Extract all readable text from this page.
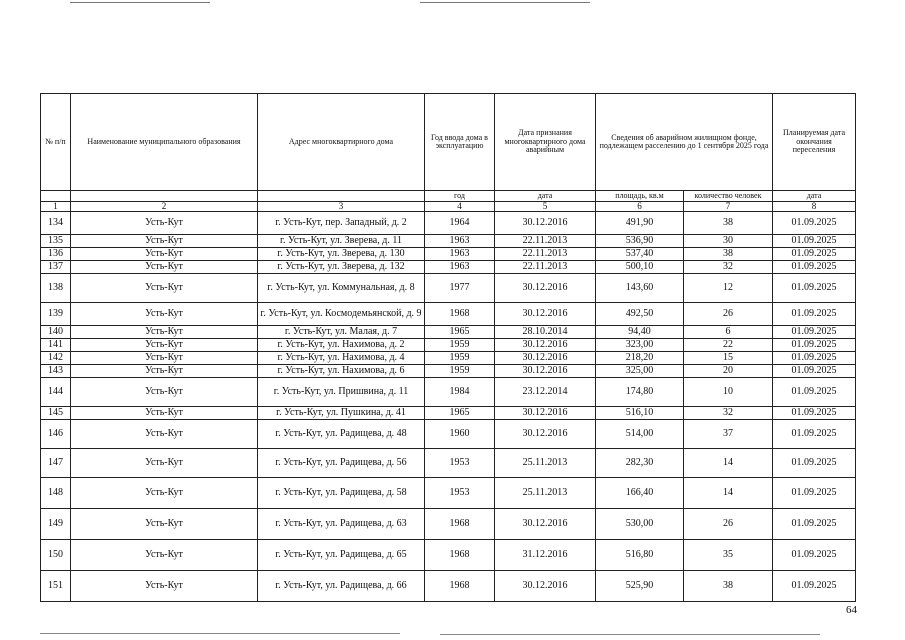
№ п/п	Наименование муниципального образования	Адрес многоквартирного дома	Год ввода дома в эксплуатацию	Дата признания многоквартирного дома аварийным	Сведения об аварийном жилищном фонде, подлежащем расселению до 1 сентября 2025 года		Планируемая дата окончания переселения
			год	дата	площадь, кв.м	количество человек	дата
1	2	3	4	5	6	7	8
134	Усть-Кут	г. Усть-Кут, пер. Западный, д. 2	1964	30.12.2016	491,90	38	01.09.2025
135	Усть-Кут	г. Усть-Кут, ул. Зверева, д. 11	1963	22.11.2013	536,90	30	01.09.2025
136	Усть-Кут	г. Усть-Кут, ул. Зверева, д. 130	1963	22.11.2013	537,40	38	01.09.2025
137	Усть-Кут	г. Усть-Кут, ул. Зверева, д. 132	1963	22.11.2013	500,10	32	01.09.2025
138	Усть-Кут	г. Усть-Кут, ул. Коммунальная, д. 8	1977	30.12.2016	143,60	12	01.09.2025
139	Усть-Кут	г. Усть-Кут, ул. Космодемьянской, д. 9	1968	30.12.2016	492,50	26	01.09.2025
140	Усть-Кут	г. Усть-Кут, ул. Малая, д. 7	1965	28.10.2014	94,40	6	01.09.2025
141	Усть-Кут	г. Усть-Кут, ул. Нахимова, д. 2	1959	30.12.2016	323,00	22	01.09.2025
142	Усть-Кут	г. Усть-Кут, ул. Нахимова, д. 4	1959	30.12.2016	218,20	15	01.09.2025
143	Усть-Кут	г. Усть-Кут, ул. Нахимова, д. 6	1959	30.12.2016	325,00	20	01.09.2025
144	Усть-Кут	г. Усть-Кут, ул. Пришвина, д. 11	1984	23.12.2014	174,80	10	01.09.2025
145	Усть-Кут	г. Усть-Кут, ул. Пушкина, д. 41	1965	30.12.2016	516,10	32	01.09.2025
146	Усть-Кут	г. Усть-Кут, ул. Радищева, д. 48	1960	30.12.2016	514,00	37	01.09.2025
147	Усть-Кут	г. Усть-Кут, ул. Радищева, д. 56	1953	25.11.2013	282,30	14	01.09.2025
148	Усть-Кут	г. Усть-Кут, ул. Радищева, д. 58	1953	25.11.2013	166,40	14	01.09.2025
149	Усть-Кут	г. Усть-Кут, ул. Радищева, д. 63	1968	30.12.2016	530,00	26	01.09.2025
150	Усть-Кут	г. Усть-Кут, ул. Радищева, д. 65	1968	31.12.2016	516,80	35	01.09.2025
151	Усть-Кут	г. Усть-Кут, ул. Радищева, д. 66	1968	30.12.2016	525,90	38	01.09.2025
64
